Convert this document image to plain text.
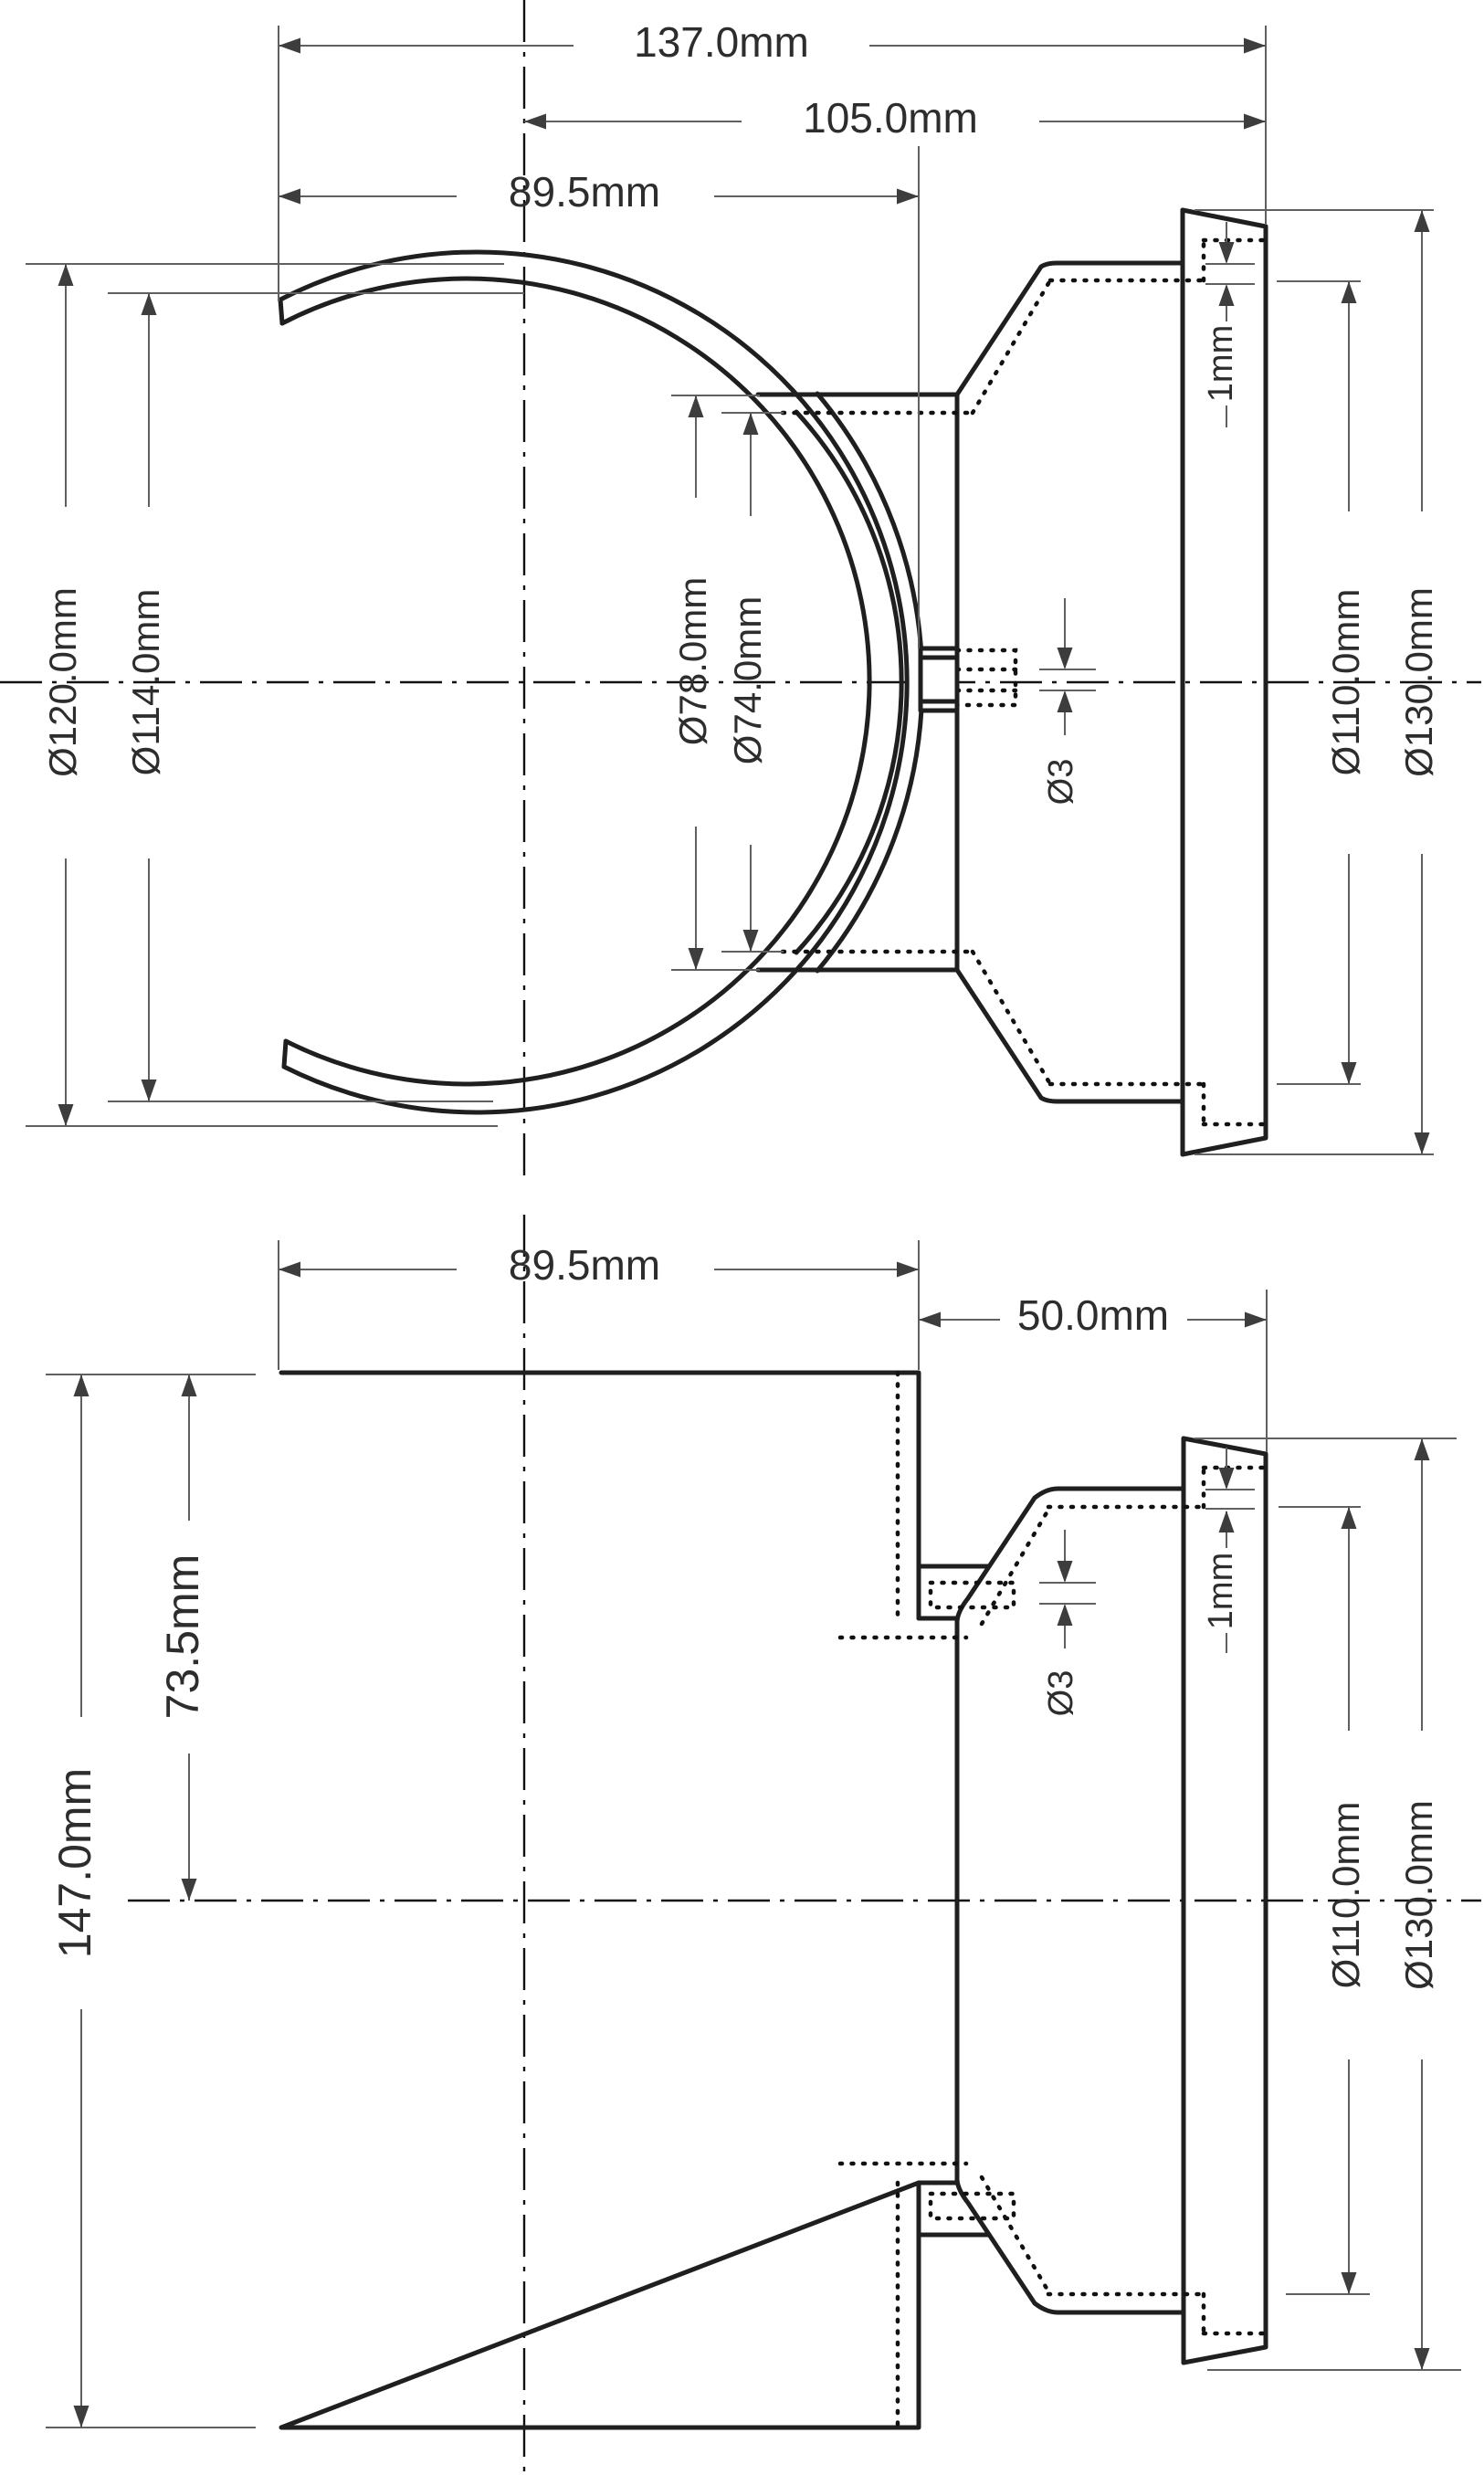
137.0mm
105.0mm
89.5mm
Ø120.0mm Ø114.0mm	Ø78.0mm Ø74.0mm	Ø110.0mm Ø130.0mm
1mm
Ø3
89.5mm
50.0mm
147.0mm
73.5mm
Ø110.0mm Ø130.0mm
1mm
Ø3
